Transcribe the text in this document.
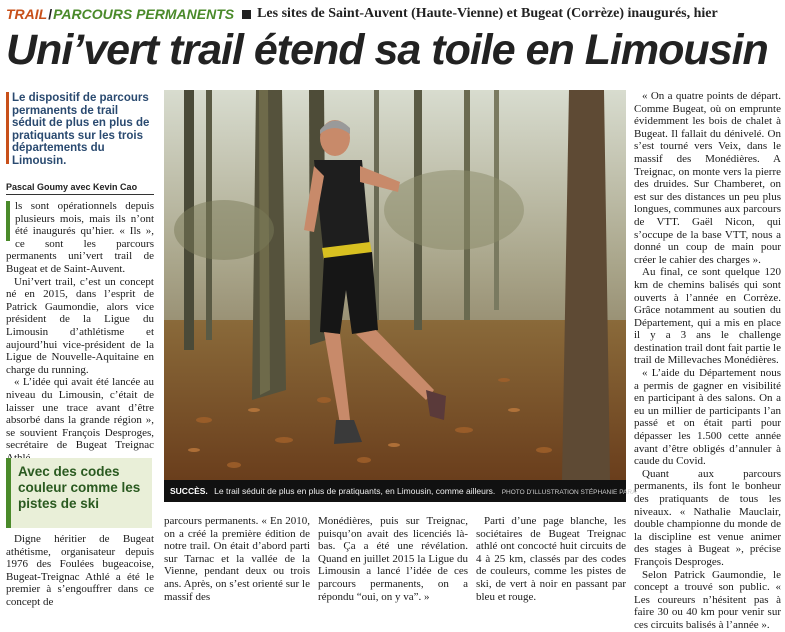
TRAIL / PARCOURS PERMANENTS Les sites de Saint-Auvent (Haute-Vienne) et Bugeat (Corrèze) inaugurés, hier
Uni’vert trail étend sa toile en Limousin

Le dispositif de parcours permanents de trail séduit de plus en plus de pratiquants sur les trois départements du Limousin.

Pascal Goumy avec Kevin Cao

ls sont opérationnels depuis plusieurs mois, mais ils n’ont été inaugurés qu’hier. « Ils », ce sont les parcours permanents uni’vert trail de Bugeat et de Saint-Auvent.

Uni’vert trail, c’est un concept né en 2015, dans l’esprit de Patrick Gaumondie, alors vice président de la Ligue du Limousin d’athlétisme et aujourd’hui vice-président de la Ligue de Nouvelle-Aquitaine en charge du running.

« L’idée qui avait été lancée au niveau du Limousin, c’était de laisser une trace avant d’être absorbé dans la grande région », se souvient François Desproges, secrétaire de Bugeat Treignac

Avec des codes couleur comme les pistes de ski

Digne héritier de Bugeat athétisme, organisateur depuis 1976 des Foulées bugeacoise, Bugeat-Treignac Athlé a été le premier à s’engouffrer dans ce concept de

SUCCÈS. Le trail séduit de plus en plus de pratiquants, en Limousin, comme ailleurs. PHOTO D’ILLUSTRATION STÉPHANIE PARA

parcours permanents. « En 2010, on a créé la première édition de notre trail. On était d’abord parti sur Tarnac et la vallée de la Vienne, pendant deux ou trois ans. Après, on s’est orienté sur le massif des

Monédières, puis sur Treignac, puisqu’on avait des licenciés là-bas. Ça a été une révélation. Quand en juillet 2015 la Ligue du Limousin a lancé l’idée de ces parcours permanents, on a répondu “oui, on y va”. »

Parti d’une page blanche, les sociétaires de Bugeat Treignac athlé ont concocté huit circuits de 4 à 25 km, classés par des codes de couleurs, comme les pistes de ski, de vert à noir en passant par bleu et rouge.

« On a quatre points de départ. Comme Bugeat, où on emprunte évidemment les bois de chalet à Bugeat. Il fallait du dénivelé. On s’est tourné vers Veix, dans le massif des Monédières. A Treignac, on monte vers la pierre des druides. Sur Chamberet, on est sur des distances un peu plus longues, communes aux parcours de VTT. Gaël Nicon, qui s’occupe de la base VTT, nous a donné un coup de main pour créer le cahier des charges ».

Au final, ce sont quelque 120 km de chemins balisés qui sont ouverts à l’année en Corrèze. Grâce notamment au soutien du Département, qui a mis en place il y a 3 ans le challenge destination trail dont fait partie le trail de Millevaches Monédières.

« L’aide du Département nous a permis de gagner en visibilité en participant à des salons. On a eu un millier de participants l’an passé et on était parti pour dépasser les 1.500 cette année avant d’être obligés d’annuler à caude du Covid.

Quant aux parcours permanents, ils font le bonheur des pratiquants de tous les niveaux. « Nathalie Mauclair, double championne du monde de la discipline est venue animer des stages à Bugeat », précise François Desproges.

Selon Patrick Gaumondie, le concept a trouvé son public. « Les coureurs n’hésitent pas à faire 30 ou 40 km pour venir sur ces circuits balisés à l’année ».
